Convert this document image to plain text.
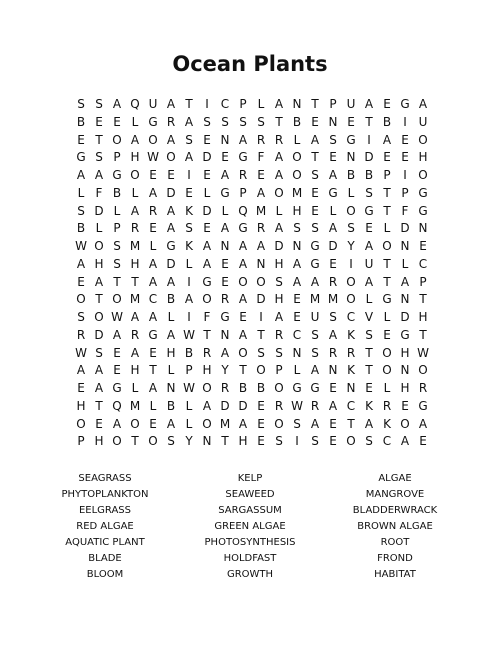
Ocean Plants
S S A Q U A T	I	C P L A N T P U A E G A
B E E L G R A S S S S T B E N E T B	I U
E T O A O A S E N A R R L A S G I	A E O
G S P H W O A D E G F A O T E N D E E H
A A G O E E	I	E A R E A O S A B B P	I O
L F B L A D E L G P A O M E G L S T P G
S D L A R A K D L Q M L H E L O G T F G
B L P R E A S E A G R A S S A S E L D N
W O S M L G K A N A A D N G D Y A O N E
A H S H A D L A E A N H A G E	I U T L C
E A T T A A	I G E O O S A A R O A T A P
O T O M C B A O R A D H E M M O L G N T
S O W A A L	I	F G E	I	A E U S C V L D H
R D A R G A W T N A T R C S A K S E G T
W S E A E H B R A O S S N S R R T O H W
A A E H T L P H Y T O P L A N K T O N O
E A G L A N W O R B B O G G E N E L H R
H T Q M L B L A D D E R W R A C K R E G
O E A O E A L O M A E O S A E T A K O A
P H O T O S Y N T H E S	I	S E O S C A E
SEAGRASS	KELP	ALGAE
PHYTOPLANKTON	SEAWEED	MANGROVE
EELGRASS	SARGASSUM	BLADDERWRACK
RED ALGAE	GREEN ALGAE	BROWN ALGAE
AQUATIC PLANT	PHOTOSYNTHESIS	ROOT
BLADE	HOLDFAST	FROND
BLOOM	GROWTH	HABITAT
